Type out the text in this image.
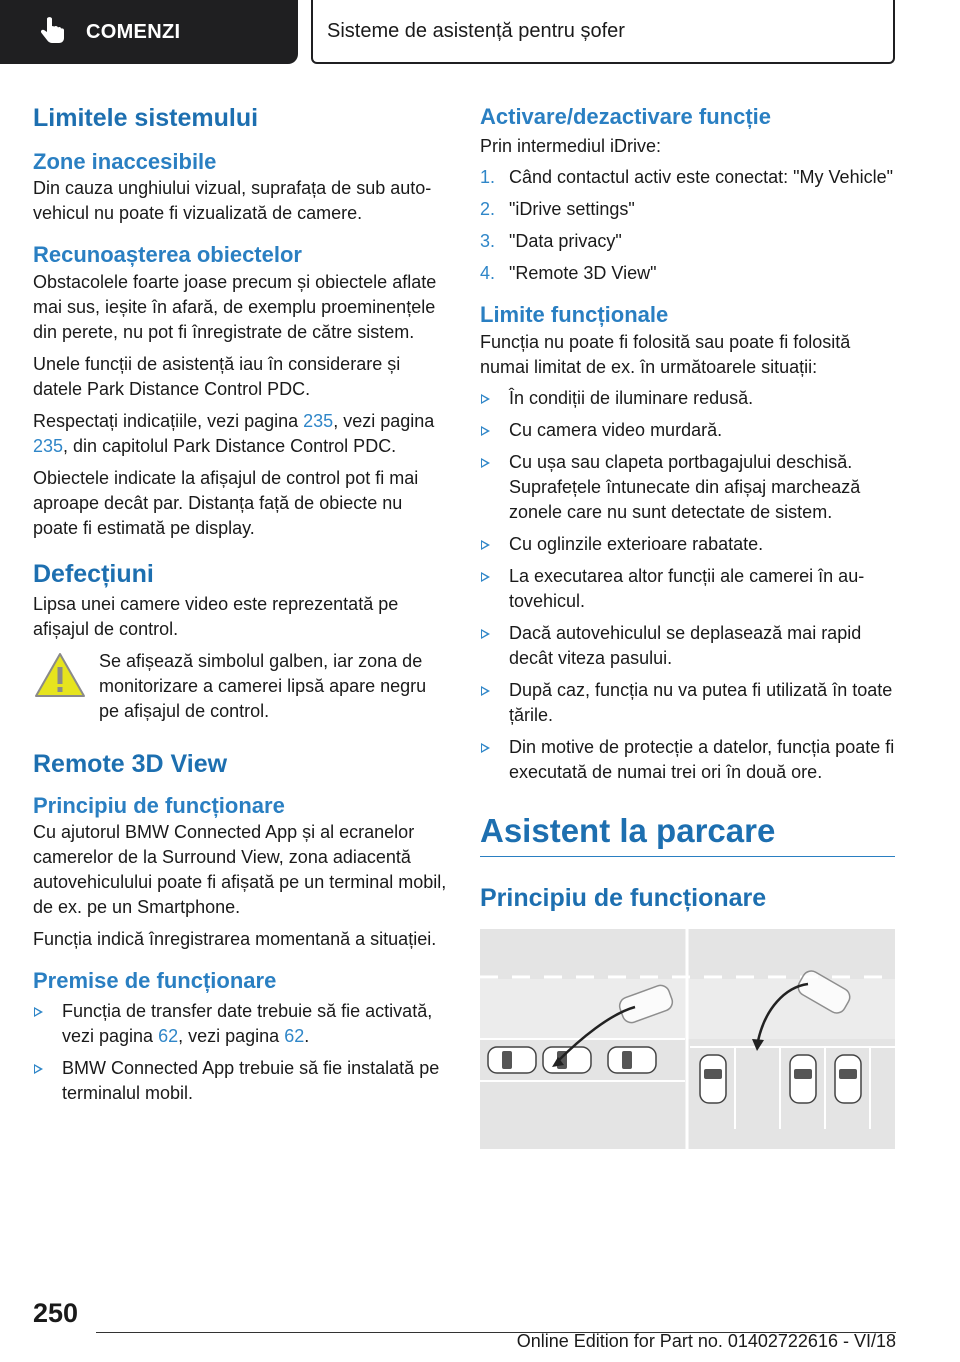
COMENZI	Sisteme de asistență pentru șofer
Limitele sistemului
Zone inaccesibile

Din cauza unghiului vizual, suprafața de sub autovehicul nu poate fi vizualizată de camere.

Recunoașterea obiectelor

Obstacolele foarte joase precum și obiectele aflate mai sus, ieșite în afară, de exemplu proeminențele din perete, nu pot fi înregistrate de către sistem.

Unele funcții de asistență iau în considerare și datele Park Distance Control PDC.

Respectați indicațiile, vezi pagina 235, vezi pagina 235, din capitolul Park Distance Control PDC.

Obiectele indicate la afișajul de control pot fi mai aproape decât par. Distanța față de obiecte nu poate fi estimată pe display.

Defecțiuni

Lipsa unei camere video este reprezentată pe afișajul de control.

Se afișează simbolul galben, iar zona de monitorizare a camerei lipsă apare negru pe afișajul de control.

Remote 3D View
Principiu de funcționare

Cu ajutorul BMW Connected App și al ecranelor camerelor de la Surround View, zona adiacentă autovehiculului poate fi afișată pe un terminal mobil, de ex. pe un Smartphone.

Funcția indică înregistrarea momentană a situației.

Premise de funcționare
Funcția de transfer date trebuie să fie activată, vezi pagina 62, vezi pagina 62.
BMW Connected App trebuie să fie instalată pe terminalul mobil.
Activare/dezactivare funcție

Prin intermediul iDrive:

1. Când contactul activ este conectat: "My Vehicle"
2. "iDrive settings"
3. "Data privacy"
4. "Remote 3D View"
Limite funcționale

Funcția nu poate fi folosită sau poate fi folosită numai limitat de ex. în următoarele situații:

În condiții de iluminare redusă.
Cu camera video murdară.
Cu ușa sau clapeta portbagajului deschisă. Suprafețele întunecate din afișaj marchează zonele care nu sunt detectate de sistem.
Cu oglinzile exterioare rabatate.
La executarea altor funcții ale camerei în autovehicul.
Dacă autovehiculul se deplasează mai rapid decât viteza pasului.
După caz, funcția nu va putea fi utilizată în toate țările.
Din motive de protecție a datelor, funcția poate fi executată de numai trei ori în două ore.
Asistent la parcare
Principiu de funcționare
250
Online Edition for Part no. 01402722616 - VI/18
